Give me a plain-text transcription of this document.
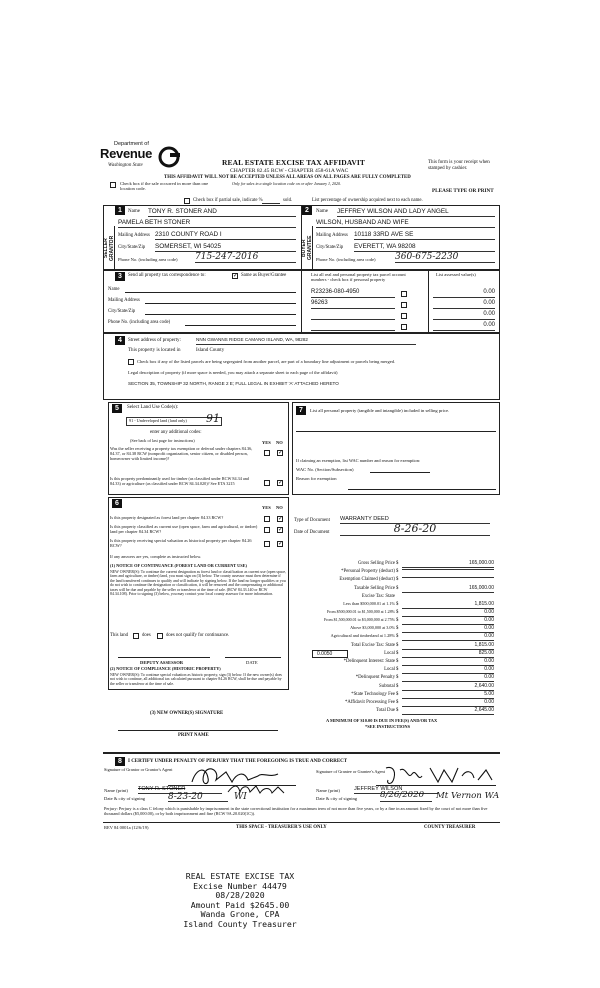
Department of
Revenue
Washington State	REAL ESTATE EXCISE TAX AFFIDAVIT
CHAPTER 82.45 RCW - CHAPTER 458-61A WAC
THIS AFFIDAVIT WILL NOT BE ACCEPTED UNLESS ALL AREAS ON ALL PAGES ARE FULLY COMPLETED
Only for sales in a single location code on or after January 1, 2020.
This form is your receipt when stamped by cashier.
PLEASE TYPE OR PRINT
Check box if the sale occurred in more than one location code.
Check box if partial sale, indicate %	sold.	List percentage of ownership acquired next to each name.
1
SELLER GRANTOR
Name TONY R. STONER AND
PAMELA BETH STONER
Mailing Address 2310 COUNTY ROAD I
City/State/Zip SOMERSET, WI 54025
Phone No. (including area code) 715-247-2016
2
BUYER GRANTEE
Name JEFFREY WILSON AND LADY ANGEL
WILSON, HUSBAND AND WIFE
Mailing Address 10118 33RD AVE SE
City/State/Zip EVERETT, WA 98208
Phone No. (including area code) 360-675-2230
3	Send all property tax correspondence to:	✓ Same as Buyer/Grantee
Name
Mailing Address
City/State/Zip
Phone No. (including area code)
List all real and personal property tax parcel account numbers - check box if personal property
List assessed value(s)
R23236-080-4950	0.00
96263	0.00
0.00
0.00
4	Street address of property:	NNN GWANNS RIDGE CAMANO ISLAND, WA, 98282
This property is located in	Island County
Check box if any of the listed parcels are being segregated from another parcel, are part of a boundary line adjustment or parcels being merged.
Legal description of property (if more space is needed, you may attach a separate sheet to each page of the affidavit)
SECTION 35, TOWNSHIP 32 NORTH, RANGE 2 E; FULL LEGAL IN EXHIBIT 'A' ATTACHED HERETO
5	Select Land Use Code(s):
91 - Undeveloped land (land only) 91
enter any additional codes:
(See back of last page for instructions)	YES NO
Was the seller receiving a property tax exemption or deferral under chapters 84.36, 84.37, or 84.38 RCW (nonprofit organization, senior citizen, or disabled person, homeowner with limited income)?
✓
Is this property predominantly used for timber (as classified under RCW 84.34 and 84.33) or agriculture (as classified under RCW 84.34.020)? See ETA 3215	✓
6
YES NO
Is this property designated as forest land per chapter 84.33 RCW?	✓
Is this property classified as current use (open space, farm and agricultural, or timber) land per chapter 84.34 RCW?	✓
Is this property receiving special valuation as historical property per chapter 84.26 RCW?	✓
If any answers are yes, complete as instructed below.
(1) NOTICE OF CONTINUANCE (FOREST LAND OR CURRENT USE)
NEW OWNER(S): To continue the current designation as forest land or classification as current use (open space, farm and agriculture, or timber) land, you must sign on (3) below. The county assessor must then determine if the land transferred continues to qualify and will indicate by signing below. If the land no longer qualifies or you do not wish to continue the designation or classification, it will be removed and the compensating or additional taxes will be due and payable by the seller or transferor at the time of sale. (RCW 84.33.140 or RCW 84.34.108). Prior to signing (3) below, you may contact your local county assessor for more information.
This land	does	does not qualify for continuance.
DEPUTY ASSESSOR	DATE
(2) NOTICE OF COMPLIANCE (HISTORIC PROPERTY)
NEW OWNER(S): To continue special valuation as historic property, sign (3) below. If the new owner(s) does not wish to continue, all additional tax calculated pursuant to chapter 84.26 RCW, shall be due and payable by the seller or transferor at the time of sale.
(3) NEW OWNER(S) SIGNATURE
PRINT NAME
7	List all personal property (tangible and intangible) included in selling price.
If claiming an exemption, list WAC number and reason for exemption:
WAC No. (Section/Subsection)
Reason for exemption
Type of Document WARRANTY DEED
Date of Document	8-26-20
Gross Selling Price $	165,000.00
*Personal Property (deduct) $
Exemption Claimed (deduct) $
Taxable Selling Price $	165,000.00
Excise Tax: State
Less than $500,000.01 at 1.1% $	1,815.00
From $500,000.01 to $1,500,000 at 1.28% $	0.00
From $1,500,000.01 to $3,000,000 at 2.75% $	0.00
Above $3,000,000 at 3.0% $	0.00
Agricultural and timberland at 1.28% $	0.00
Total Excise Tax: State $	1,815.00
0.0050	Local $	825.00
*Delinquent Interest: State $	0.00
Local $	0.00
*Delinquent Penalty $	0.00
Subtotal $	2,640.00
*State Technology Fee $	5.00
*Affidavit Processing Fee $	0.00
Total Due $	2,645.00
A MINIMUM OF $10.00 IS DUE IN FEE(S) AND/OR TAX
*SEE INSTRUCTIONS
8	I CERTIFY UNDER PENALTY OF PERJURY THAT THE FOREGOING IS TRUE AND CORRECT
Signature of Grantor or Grantor's Agent
Name (print) TONY R. STONER
Date & city of signing	8-23-20	WI
Signature of Grantee or Grantee's Agent
Name (print)	JEFFREY WILSON
Date & city of signing	8/26/2020	Mt Vernon WA
Perjury: Perjury is a class C felony which is punishable by imprisonment in the state correctional institution for a maximum term of not more than five years, or by a fine in an amount fixed by the court of not more than five thousand dollars ($5,000.00), or by both imprisonment and fine (RCW 9A.20.020(1C)).
REV 84 0001a (12/6/19)	THIS SPACE - TREASURER'S USE ONLY	COUNTY TREASURER
REAL ESTATE EXCISE TAX
Excise Number 44479
08/28/2020
Amount Paid $2645.00
Wanda Grone, CPA
Island County Treasurer
